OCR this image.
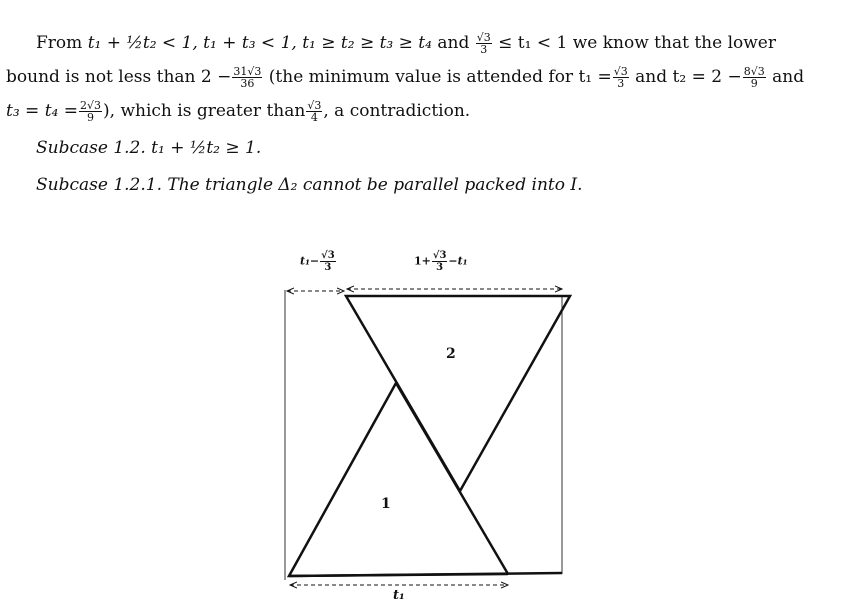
From t₁ + ½t₂ < 1, t₁ + t₃ < 1, t₁ ≥ t₂ ≥ t₃ ≥ t₄ and $\frac{√3}{3} \le t_1 < 1$ we know that the lower
bound is not less than $2 - \frac{31√3}{36} (the$ minimum value is attended for $t_1 = \frac{√3}{3}$ and $t_2 = 2 - \frac{8√3}{9}$ and
$t_3 = t_4 = \frac{2√3}{9}$ ), which is greater than $\frac{√3}{4}$ , a contradiction.
Subcase 1.2. t₁ + ½t₂ ≥ 1.
Subcase 1.2.1. The triangle Δ₂ cannot be parallel packed into I.
$t_1- \frac{√3}{3}$	$1+ \frac{√3}{3} -t_1$
2
1
t₁
